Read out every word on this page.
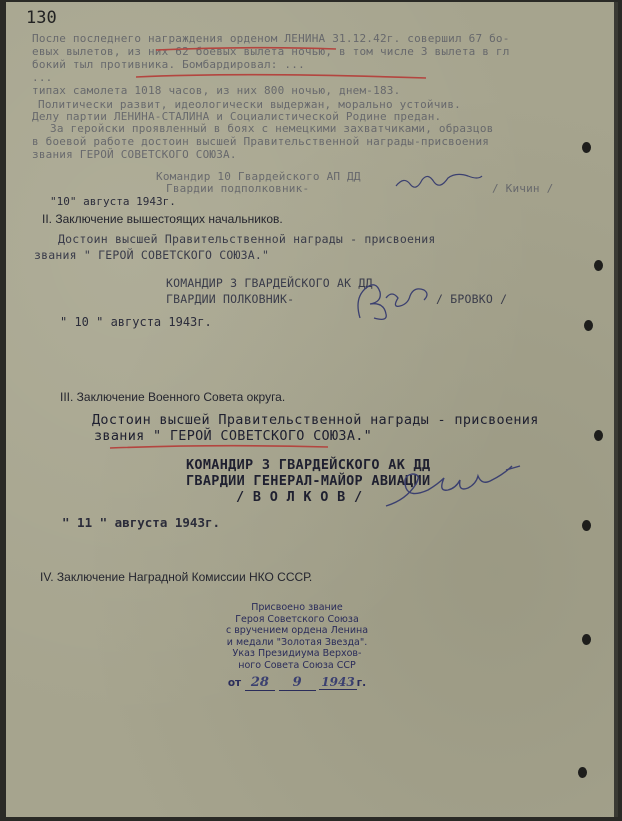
130
После последнего награждения орденом ЛЕНИНА 31.12.42г. совершил 67 бо-
евых вылетов, из них 62 боевых вылета ночью, в том числе 3 вылета в гл
бокий тыл противника. Бомбардировал: ...
...
типах самолета 1018 часов, из них 800 ночью, днем-183.
Политически развит, идеологически выдержан, морально устойчив.
Делу партии ЛЕНИНА-СТАЛИНА и Социалистической Родине предан.
За геройски проявленный в боях с немецкими захватчиками, образцов
в боевой работе достоин высшей Правительственной награды-присвоения
звания ГЕРОЙ СОВЕТСКОГО СОЮЗА.
Командир 10 Гвардейского АП ДД
Гвардии подполковник-	/ Кичин /
"10" августа 1943г.
II. Заключение вышестоящих начальников.
Достоин высшей Правительственной награды - присвоения
звания " ГЕРОЙ СОВЕТСКОГО СОЮЗА."
КОМАНДИР 3 ГВАРДЕЙСКОГО АК ДД
ГВАРДИИ ПОЛКОВНИК-	/ БРОВКО /
" 10 " августа 1943г.
III. Заключение Военного Совета округа.
Достоин высшей Правительственной награды - присвоения
звания " ГЕРОЙ СОВЕТСКОГО СОЮЗА."
КОМАНДИР 3 ГВАРДЕЙСКОГО АК ДД
ГВАРДИИ ГЕНЕРАЛ-МАЙОР АВИАЦИИ
/ В О Л К О В /
" 11 " августа 1943г.
IV. Заключение Наградной Комиссии НКО СССР.
Присвоено звание
Героя Советского Союза
с вручением ордена Ленина
и медали "Золотая Звезда".
Указ Президиума Верхов-
ного Совета Союза ССР
от 28 9 1943 г.
